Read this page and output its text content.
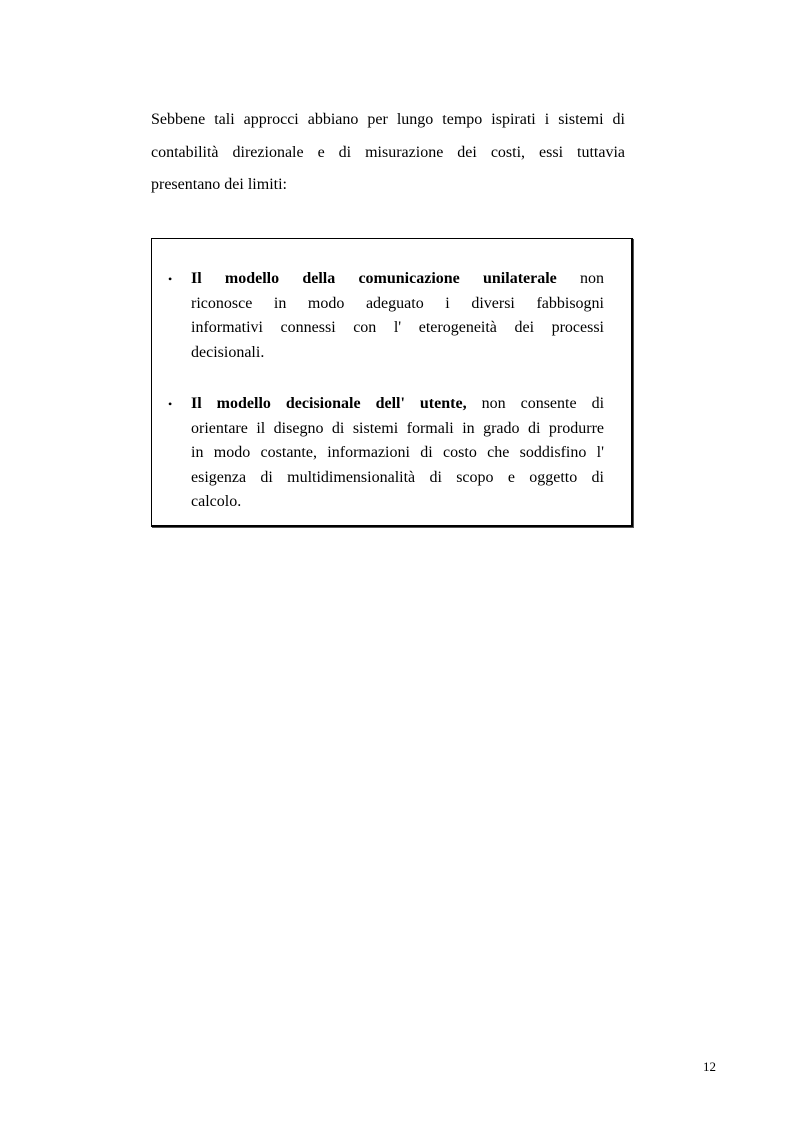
Sebbene tali approcci abbiano per lungo tempo ispirati i sistemi di
contabilità direzionale e di misurazione dei costi, essi tuttavia
presentano dei limiti:
• Il modello della comunicazione unilaterale non
riconosce in modo adeguato i diversi fabbisogni
informativi connessi con l' eterogeneità dei processi
decisionali.
• Il modello decisionale dell' utente, non consente di
orientare il disegno di sistemi formali in grado di produrre
in modo costante, informazioni di costo che soddisfino l'
esigenza di multidimensionalità di scopo e oggetto di
calcolo.
12
